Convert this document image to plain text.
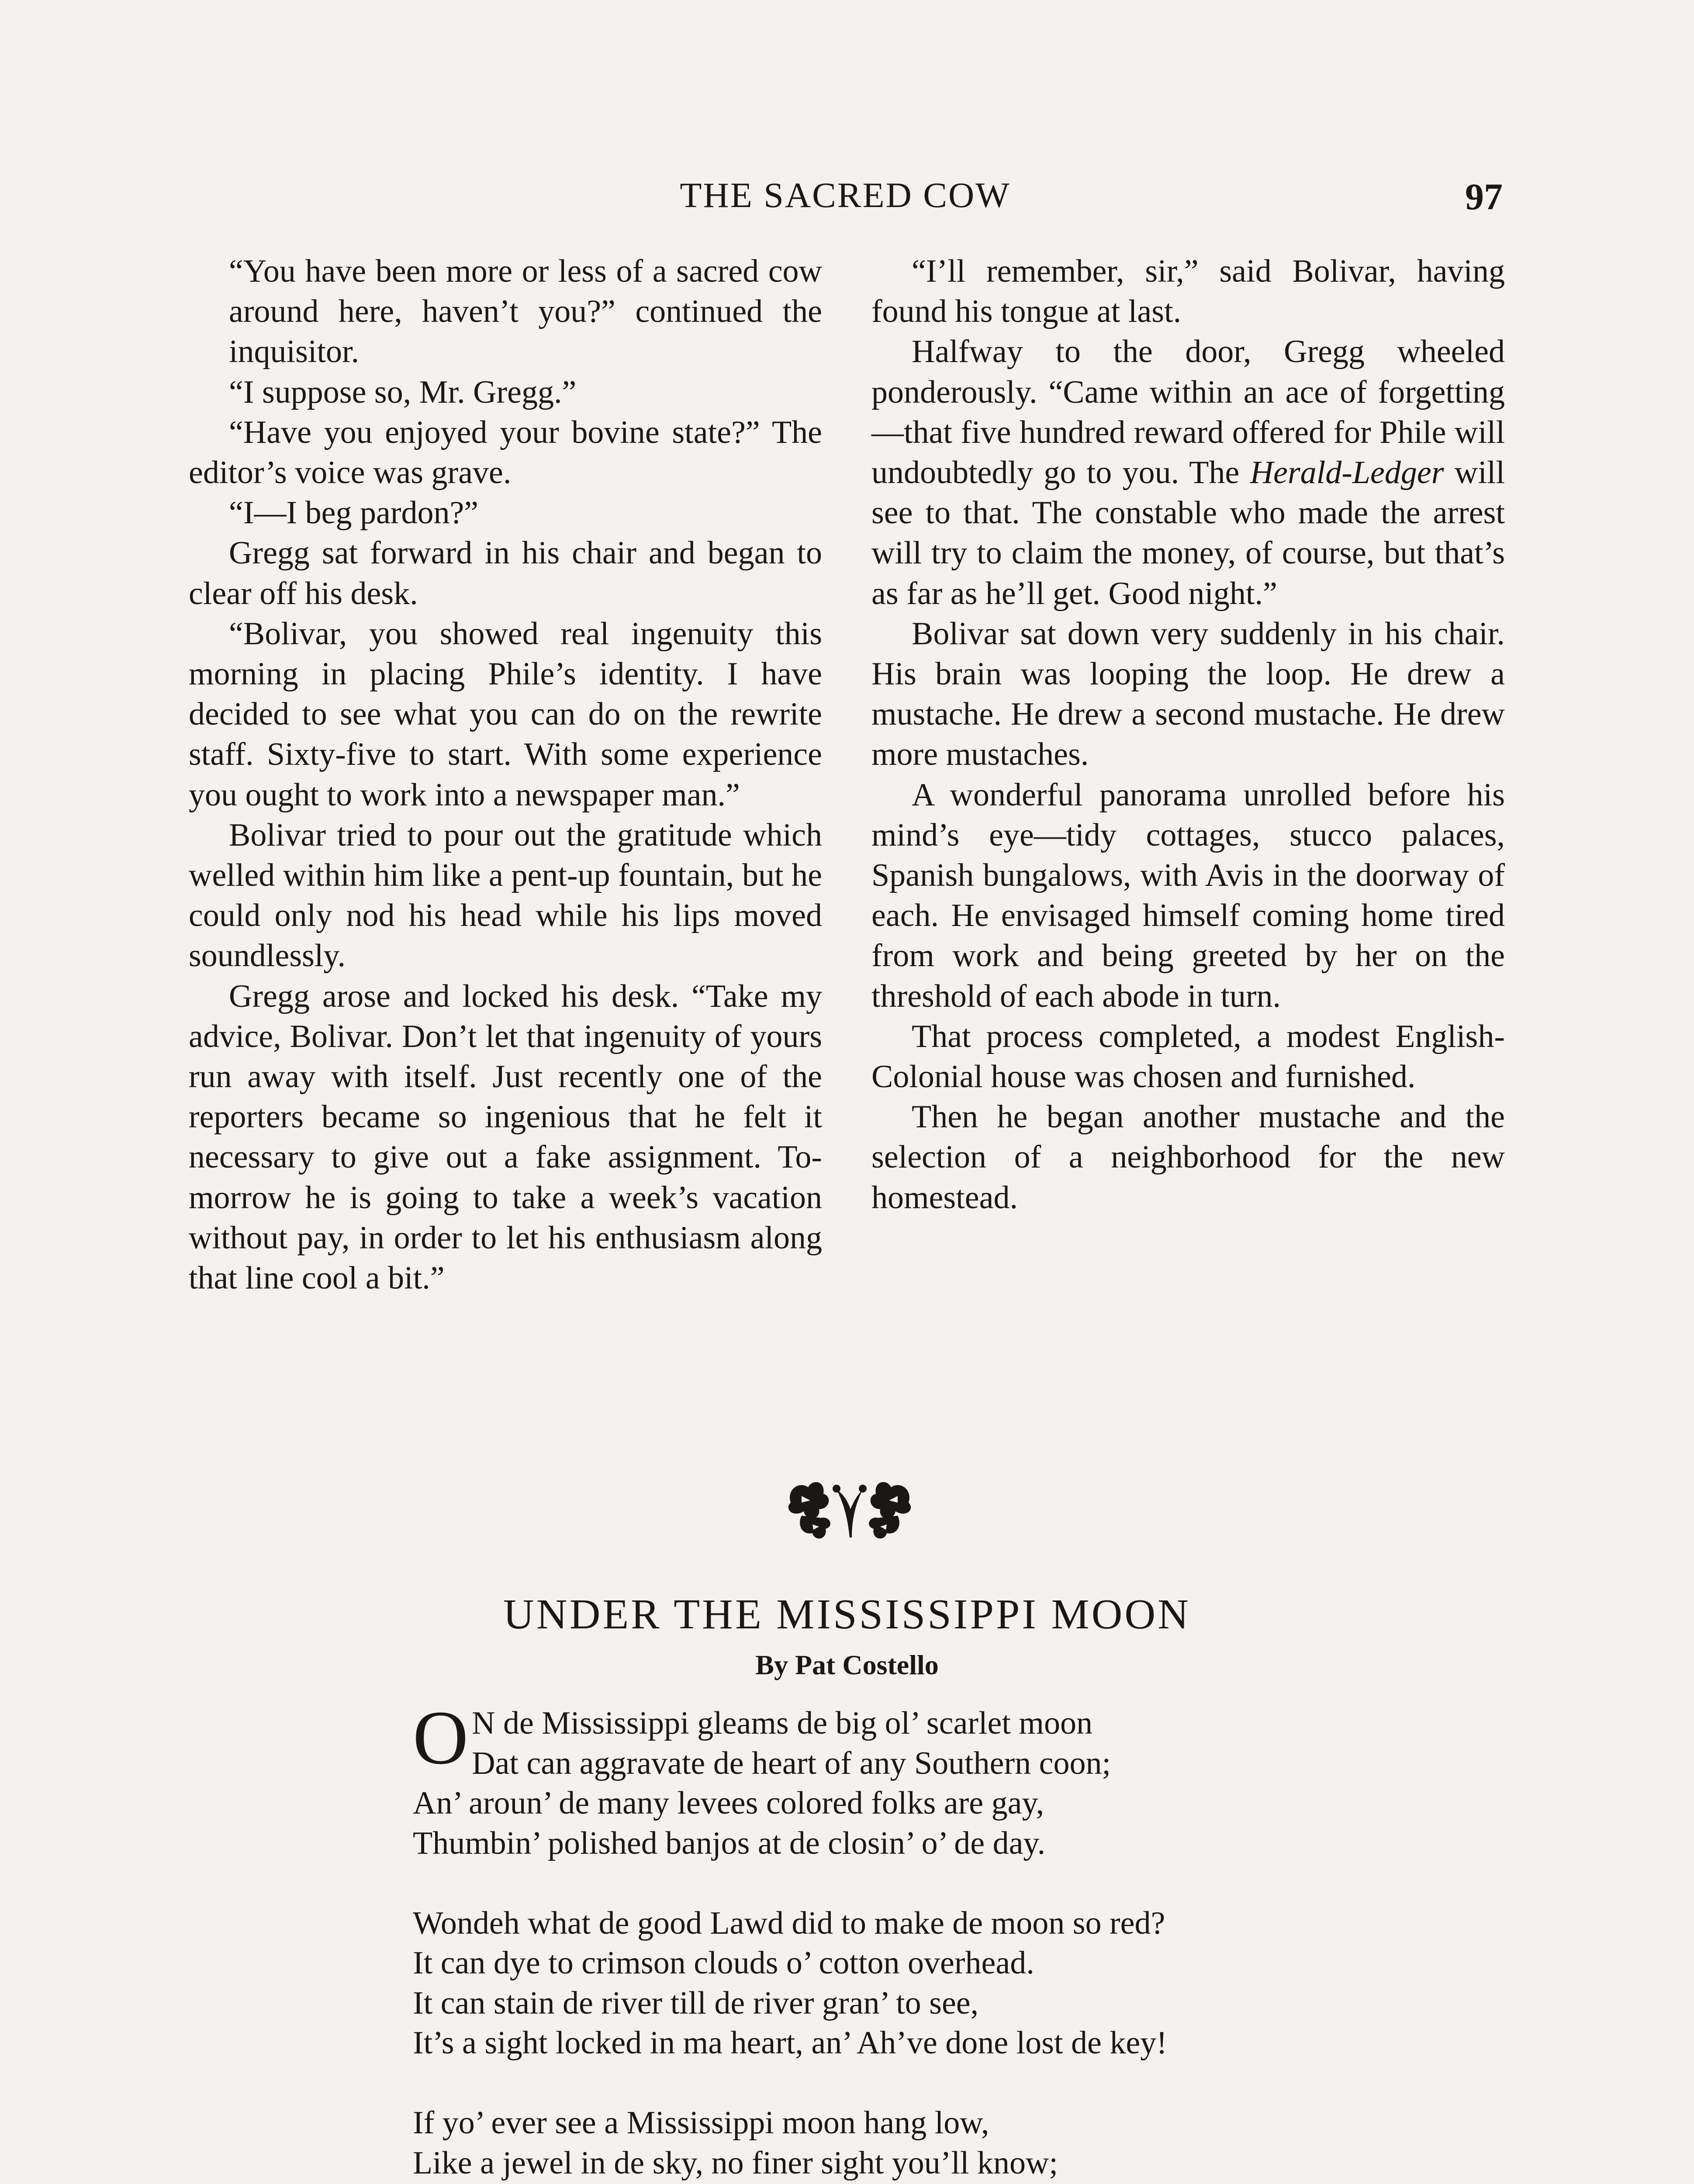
THE SACRED COW	97

“You have been more or less of a sacred cow around here, haven’t you?” continued the inquisitor.

“I suppose so, Mr. Gregg.”

“Have you enjoyed your bovine state?” The editor’s voice was grave.

“I—I beg pardon?”

Gregg sat forward in his chair and began to clear off his desk.

“Bolivar, you showed real ingenuity this morning in placing Phile’s identity. I have decided to see what you can do on the rewrite staff. Sixty-five to start. With some experience you ought to work into a newspaper man.”

Bolivar tried to pour out the gratitude which welled within him like a pent-up fountain, but he could only nod his head while his lips moved soundlessly.

Gregg arose and locked his desk. “Take my advice, Bolivar. Don’t let that ingenuity of yours run away with itself. Just recently one of the reporters became so ingenious that he felt it necessary to give out a fake assignment. To-morrow he is going to take a week’s vacation without pay, in order to let his enthusiasm along that line cool a bit.”

“I’ll remember, sir,” said Bolivar, having found his tongue at last.

Halfway to the door, Gregg wheeled ponderously. “Came within an ace of forgetting—that five hundred reward offered for Phile will undoubtedly go to you. The Herald-Ledger will see to that. The constable who made the arrest will try to claim the money, of course, but that’s as far as he’ll get. Good night.”

Bolivar sat down very suddenly in his chair. His brain was looping the loop. He drew a mustache. He drew a second mustache. He drew more mustaches.

A wonderful panorama unrolled before his mind’s eye—tidy cottages, stucco palaces, Spanish bungalows, with Avis in the doorway of each. He envisaged himself coming home tired from work and being greeted by her on the threshold of each abode in turn.

That process completed, a modest English-Colonial house was chosen and furnished.

Then he began another mustache and the selection of a neighborhood for the new homestead.

UNDER THE MISSISSIPPI MOON
By Pat Costello
O N de Mississippi gleams de big ol’ scarlet moon
Dat can aggravate de heart of any Southern coon;
An’ aroun’ de many levees colored folks are gay,
Thumbin’ polished banjos at de closin’ o’ de day.
Wondeh what de good Lawd did to make de moon so red?
It can dye to crimson clouds o’ cotton overhead.
It can stain de river till de river gran’ to see,
It’s a sight locked in ma heart, an’ Ah’ve done lost de key!
If yo’ ever see a Mississippi moon hang low,
Like a jewel in de sky, no finer sight you’ll know;
